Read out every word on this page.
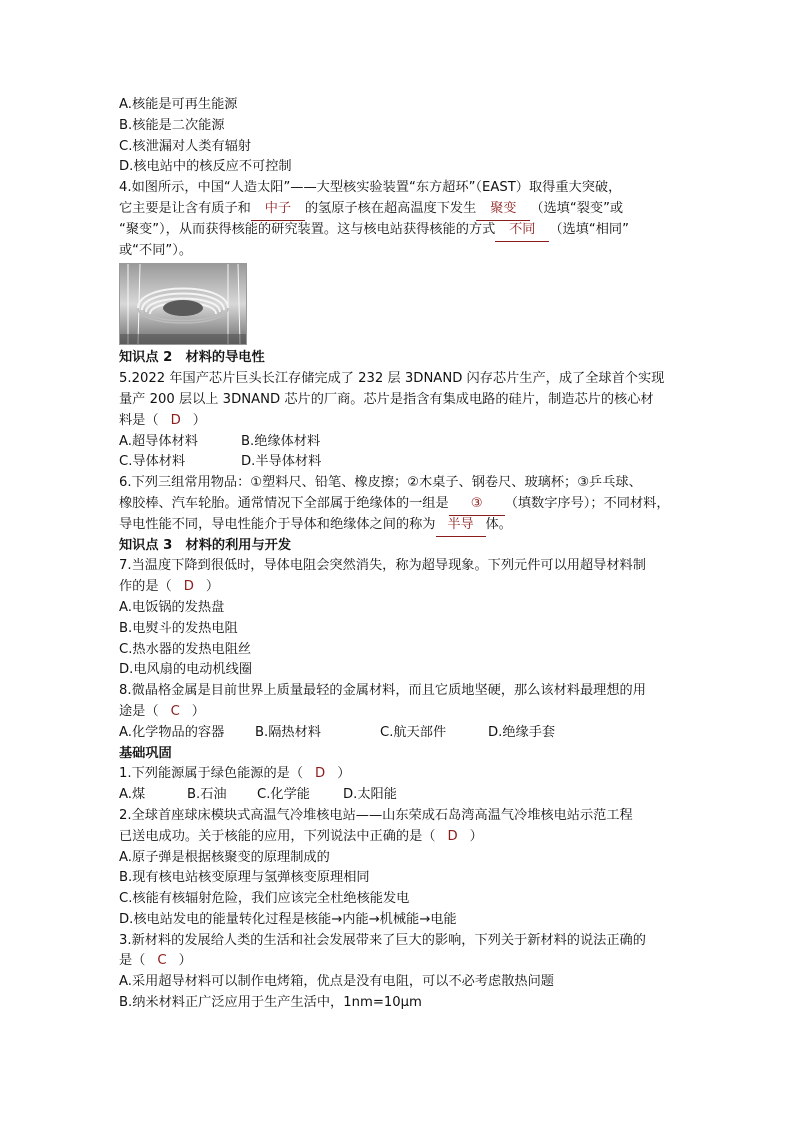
A.核能是可再生能源
B.核能是二次能源
C.核泄漏对人类有辐射
D.核电站中的核反应不可控制
4.如图所示，中国“人造太阳”——大型核实验装置“东方超环”（EAST）取得重大突破，
它主要是让含有质子和 中子 的氢原子核在超高温度下发生 聚变 （选填“裂变”或
“聚变”），从而获得核能的研究装置。这与核电站获得核能的方式 不同 （选填“相同”
或“不同”）。
知识点 2　材料的导电性
5.2022 年国产芯片巨头长江存储完成了 232 层 3DNAND 闪存芯片生产，成了全球首个实现
量产 200 层以上 3DNAND 芯片的厂商。芯片是指含有集成电路的硅片，制造芯片的核心材
料是（ D ）
A.超导体材料	B.绝缘体材料
C.导体材料	D.半导体材料
6.下列三组常用物品：①塑料尺、铅笔、橡皮擦；②木桌子、钢卷尺、玻璃杯；③乒乓球、
橡胶棒、汽车轮胎。通常情况下全部属于绝缘体的一组是 ③ （填数字序号）；不同材料，
导电性能不同，导电性能介于导体和绝缘体之间的称为 半导 体。
知识点 3　材料的利用与开发
7.当温度下降到很低时，导体电阻会突然消失，称为超导现象。下列元件可以用超导材料制
作的是（ D ）
A.电饭锅的发热盘
B.电熨斗的发热电阻
C.热水器的发热电阻丝
D.电风扇的电动机线圈
8.微晶格金属是目前世界上质量最轻的金属材料，而且它质地坚硬，那么该材料最理想的用
途是（ C ）
A.化学物品的容器 B.隔热材料	C.航天部件	D.绝缘手套
基础巩固
1.下列能源属于绿色能源的是（ D ）
A.煤	B.石油 C.化学能	D.太阳能
2.全球首座球床模块式高温气冷堆核电站——山东荣成石岛湾高温气冷堆核电站示范工程
已送电成功。关于核能的应用，下列说法中正确的是（ D ）
A.原子弹是根据核聚变的原理制成的
B.现有核电站核变原理与氢弹核变原理相同
C.核能有核辐射危险，我们应该完全杜绝核能发电
D.核电站发电的能量转化过程是核能→内能→机械能→电能
3.新材料的发展给人类的生活和社会发展带来了巨大的影响，下列关于新材料的说法正确的
是（ C ）
A.采用超导材料可以制作电烤箱，优点是没有电阻，可以不必考虑散热问题
B.纳米材料正广泛应用于生产生活中，1nm=10μm
